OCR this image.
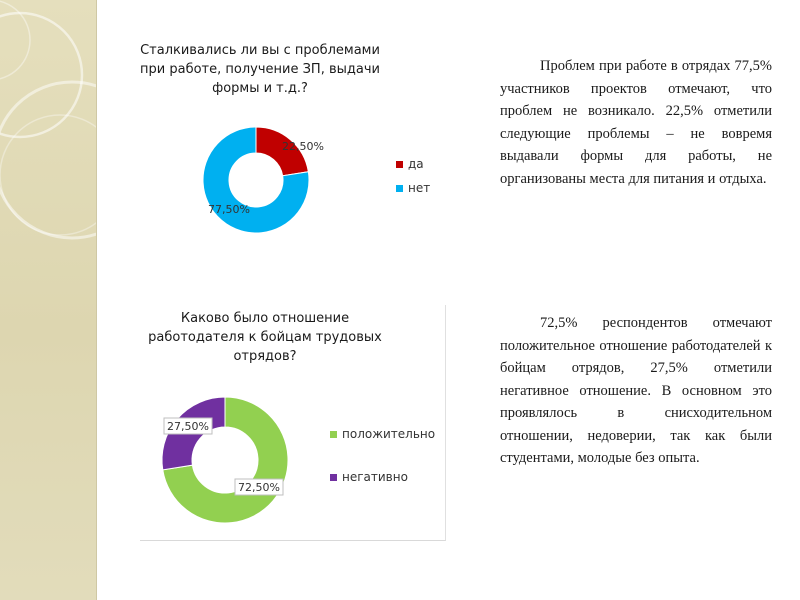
Сталкивались ли вы с проблемами
при работе, получение ЗП, выдачи
формы и т.д.?
Каково было отношение
работодателя к бойцам трудовых
отрядов?
22,50%
77,50%
да
нет
72,50%
27,50%
положительно
негативно
Проблем при работе в отрядах 77,5% участников проектов отмечают, что проблем не возникало. 22,5% отметили следующие проблемы – не вовремя выдавали формы для работы, не организованы места для питания и отдыха.
72,5% респондентов отмечают положительное отношение работодателей к бойцам отрядов, 27,5% отметили негативное отношение. В основном это проявлялось в снисходительном отношении, недоверии, так как были студентами, молодые без опыта.
